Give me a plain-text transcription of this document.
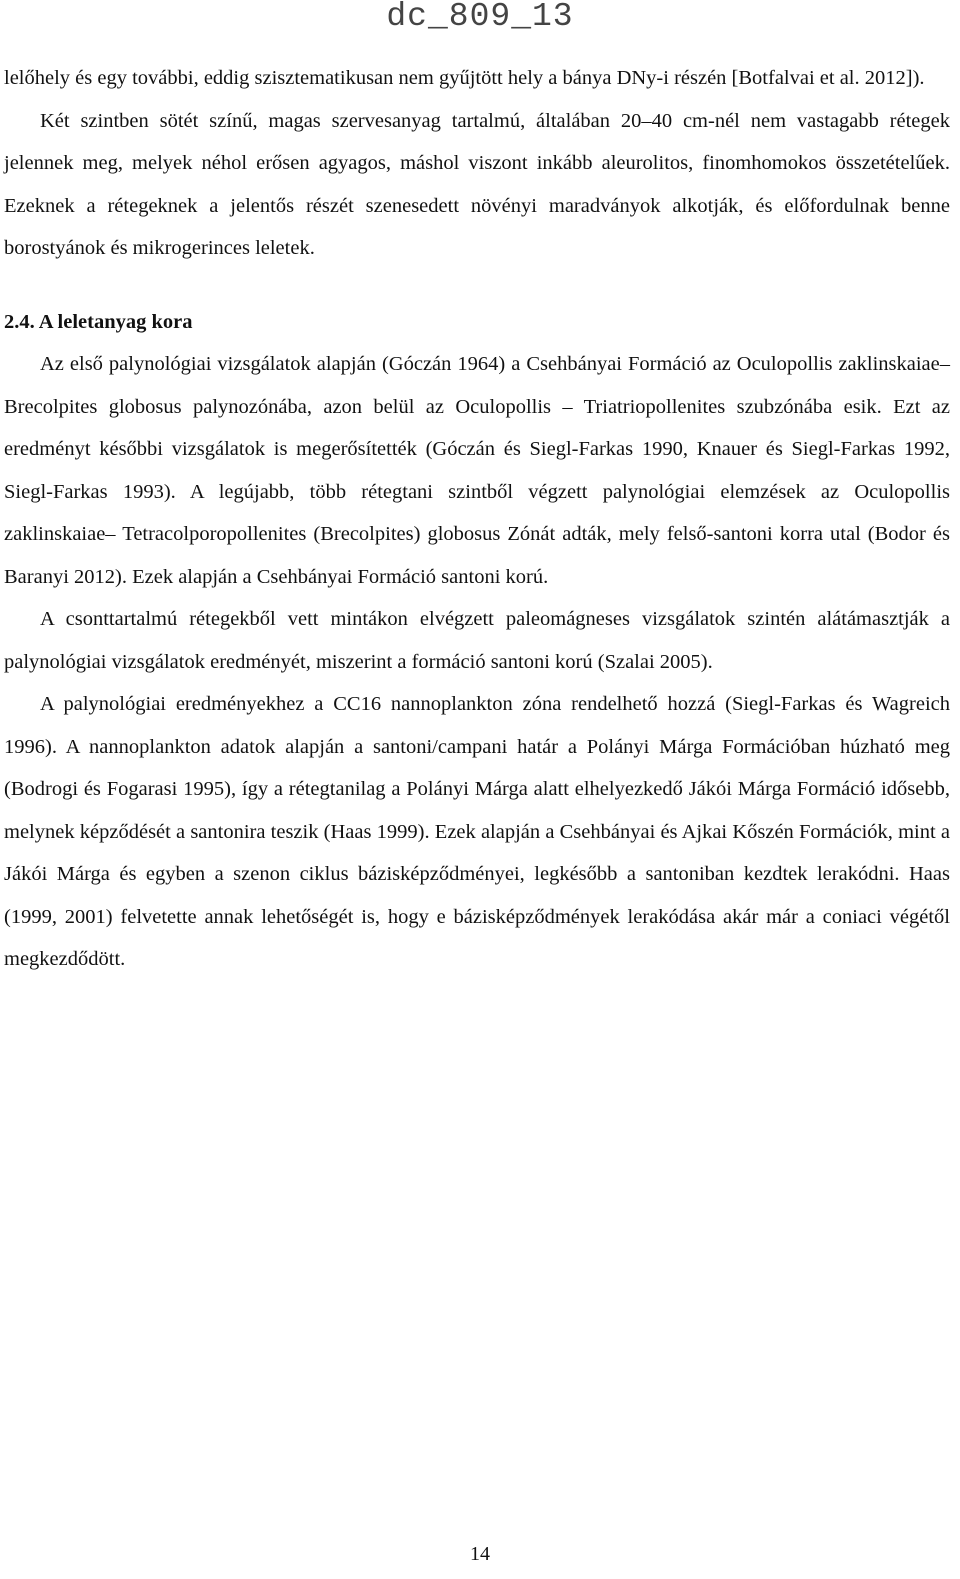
dc_809_13

lelőhely és egy további, eddig szisztematikusan nem gyűjtött hely a bánya DNy-i részén [Botfalvai et al. 2012]).

Két szintben sötét színű, magas szervesanyag tartalmú, általában 20‒40 cm-nél nem vastagabb rétegek jelennek meg, melyek néhol erősen agyagos, máshol viszont inkább aleurolitos, finomhomokos összetételűek. Ezeknek a rétegeknek a jelentős részét szenesedett növényi maradványok alkotják, és előfordulnak benne borostyánok és mikrogerinces leletek.

2.4. A leletanyag kora

Az első palynológiai vizsgálatok alapján (Góczán 1964) a Csehbányai Formáció az Oculopollis zaklinskaiae‒Brecolpites globosus palynozónába, azon belül az Oculopollis ‒ Triatriopollenites szubzónába esik. Ezt az eredményt későbbi vizsgálatok is megerősítették (Góczán és Siegl-Farkas 1990, Knauer és Siegl-Farkas 1992, Siegl-Farkas 1993). A legújabb, több rétegtani szintből végzett palynológiai elemzések az Oculopollis zaklinskaiae‒ Tetracolporopollenites (Brecolpites) globosus Zónát adták, mely felső-santoni korra utal (Bodor és Baranyi 2012). Ezek alapján a Csehbányai Formáció santoni korú.

A csonttartalmú rétegekből vett mintákon elvégzett paleomágneses vizsgálatok szintén alátámasztják a palynológiai vizsgálatok eredményét, miszerint a formáció santoni korú (Szalai 2005).

A palynológiai eredményekhez a CC16 nannoplankton zóna rendelhető hozzá (Siegl-Farkas és Wagreich 1996). A nannoplankton adatok alapján a santoni/campani határ a Polányi Márga Formációban húzható meg (Bodrogi és Fogarasi 1995), így a rétegtanilag a Polányi Márga alatt elhelyezkedő Jákói Márga Formáció idősebb, melynek képződését a santonira teszik (Haas 1999). Ezek alapján a Csehbányai és Ajkai Kőszén Formációk, mint a Jákói Márga és egyben a szenon ciklus bázisképződményei, legkésőbb a santoniban kezdtek lerakódni. Haas (1999, 2001) felvetette annak lehetőségét is, hogy e bázisképződmények lerakódása akár már a coniaci végétől megkezdődött.

14
